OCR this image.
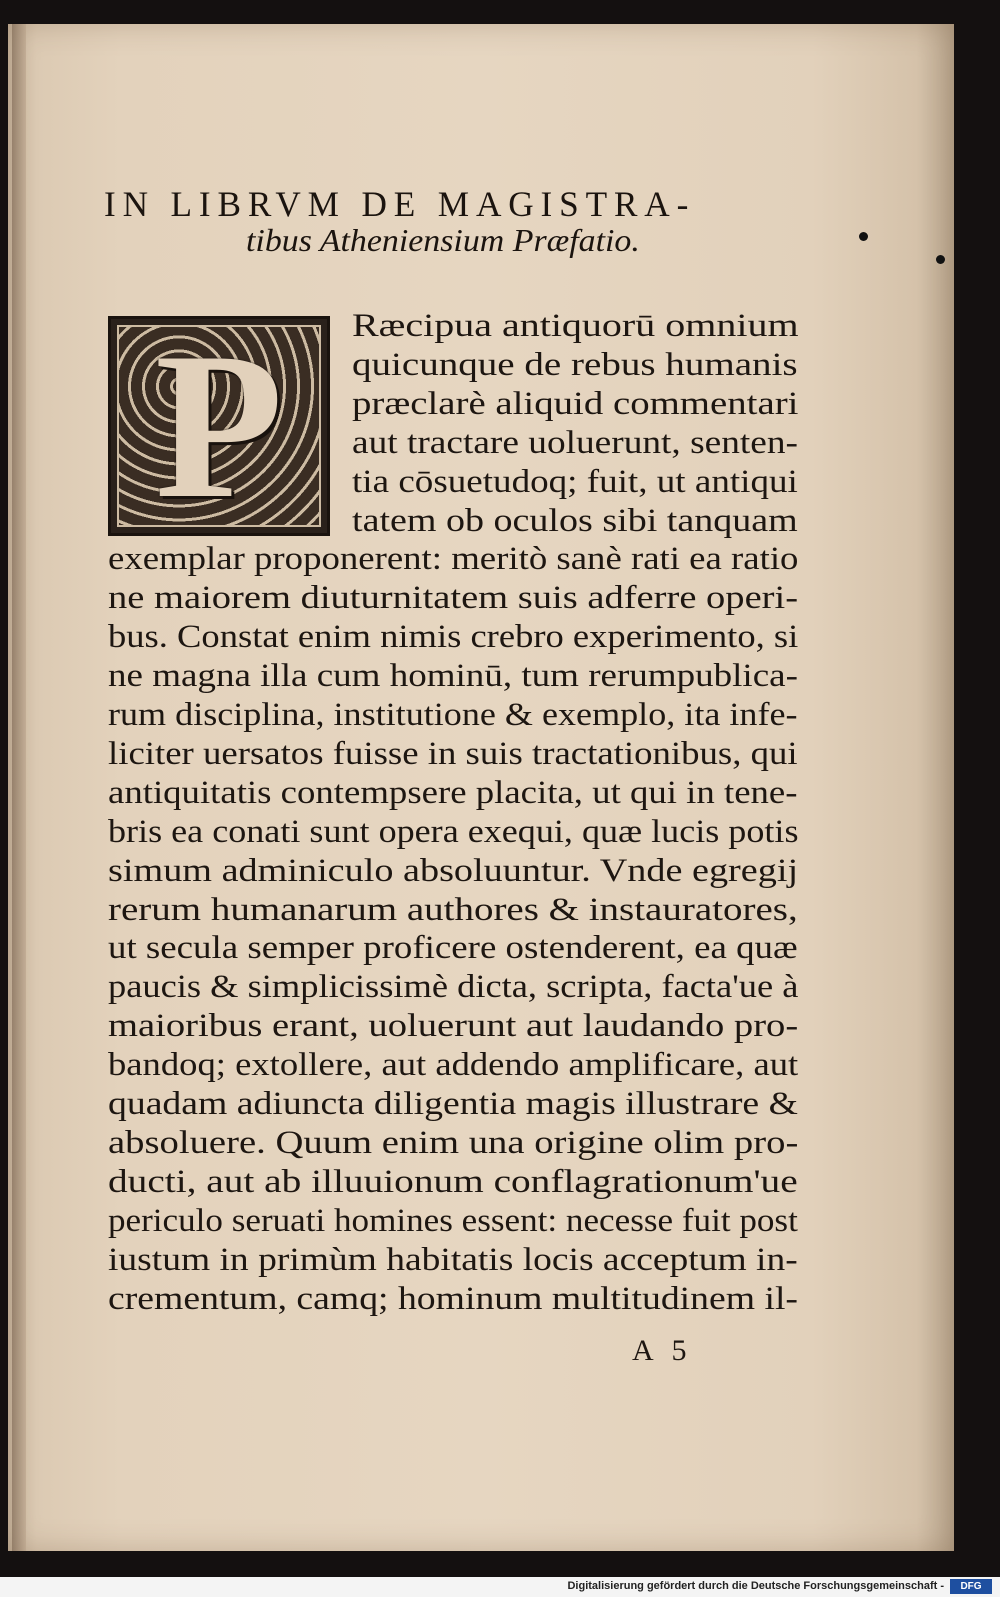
IN LIBRVM DE MAGISTRA-
tibus Atheniensium Præfatio.
P	Ræcipua antiquorū omnium
quicunque de rebus humanis
præclarè aliquid commentari
aut tractare uoluerunt, senten-
tia cōsuetudoq; fuit, ut antiqui
tatem ob oculos sibi tanquam
exemplar proponerent: meritò sanè rati ea ratio
ne maiorem diuturnitatem suis adferre operi-
bus. Constat enim nimis crebro experimento, si
ne magna illa cum hominū, tum rerumpublica-
rum disciplina, institutione & exemplo, ita infe-
liciter uersatos fuisse in suis tractationibus, qui
antiquitatis contempsere placita, ut qui in tene-
bris ea conati sunt opera exequi, quæ lucis potis
simum adminiculo absoluuntur. Vnde egregij
rerum humanarum authores & instauratores,
ut secula semper proficere ostenderent, ea quæ
paucis & simplicissimè dicta, scripta, facta'ue à
maioribus erant, uoluerunt aut laudando pro-
bandoq; extollere, aut addendo amplificare, aut
quadam adiuncta diligentia magis illustrare &
absoluere. Quum enim una origine olim pro-
ducti, aut ab illuuionum conflagrationum'ue
periculo seruati homines essent: necesse fuit post
iustum in primùm habitatis locis acceptum in-
crementum, camq; hominum multitudinem il-
A 5
Digitalisierung gefördert durch die Deutsche Forschungsgemeinschaft -	DFG
